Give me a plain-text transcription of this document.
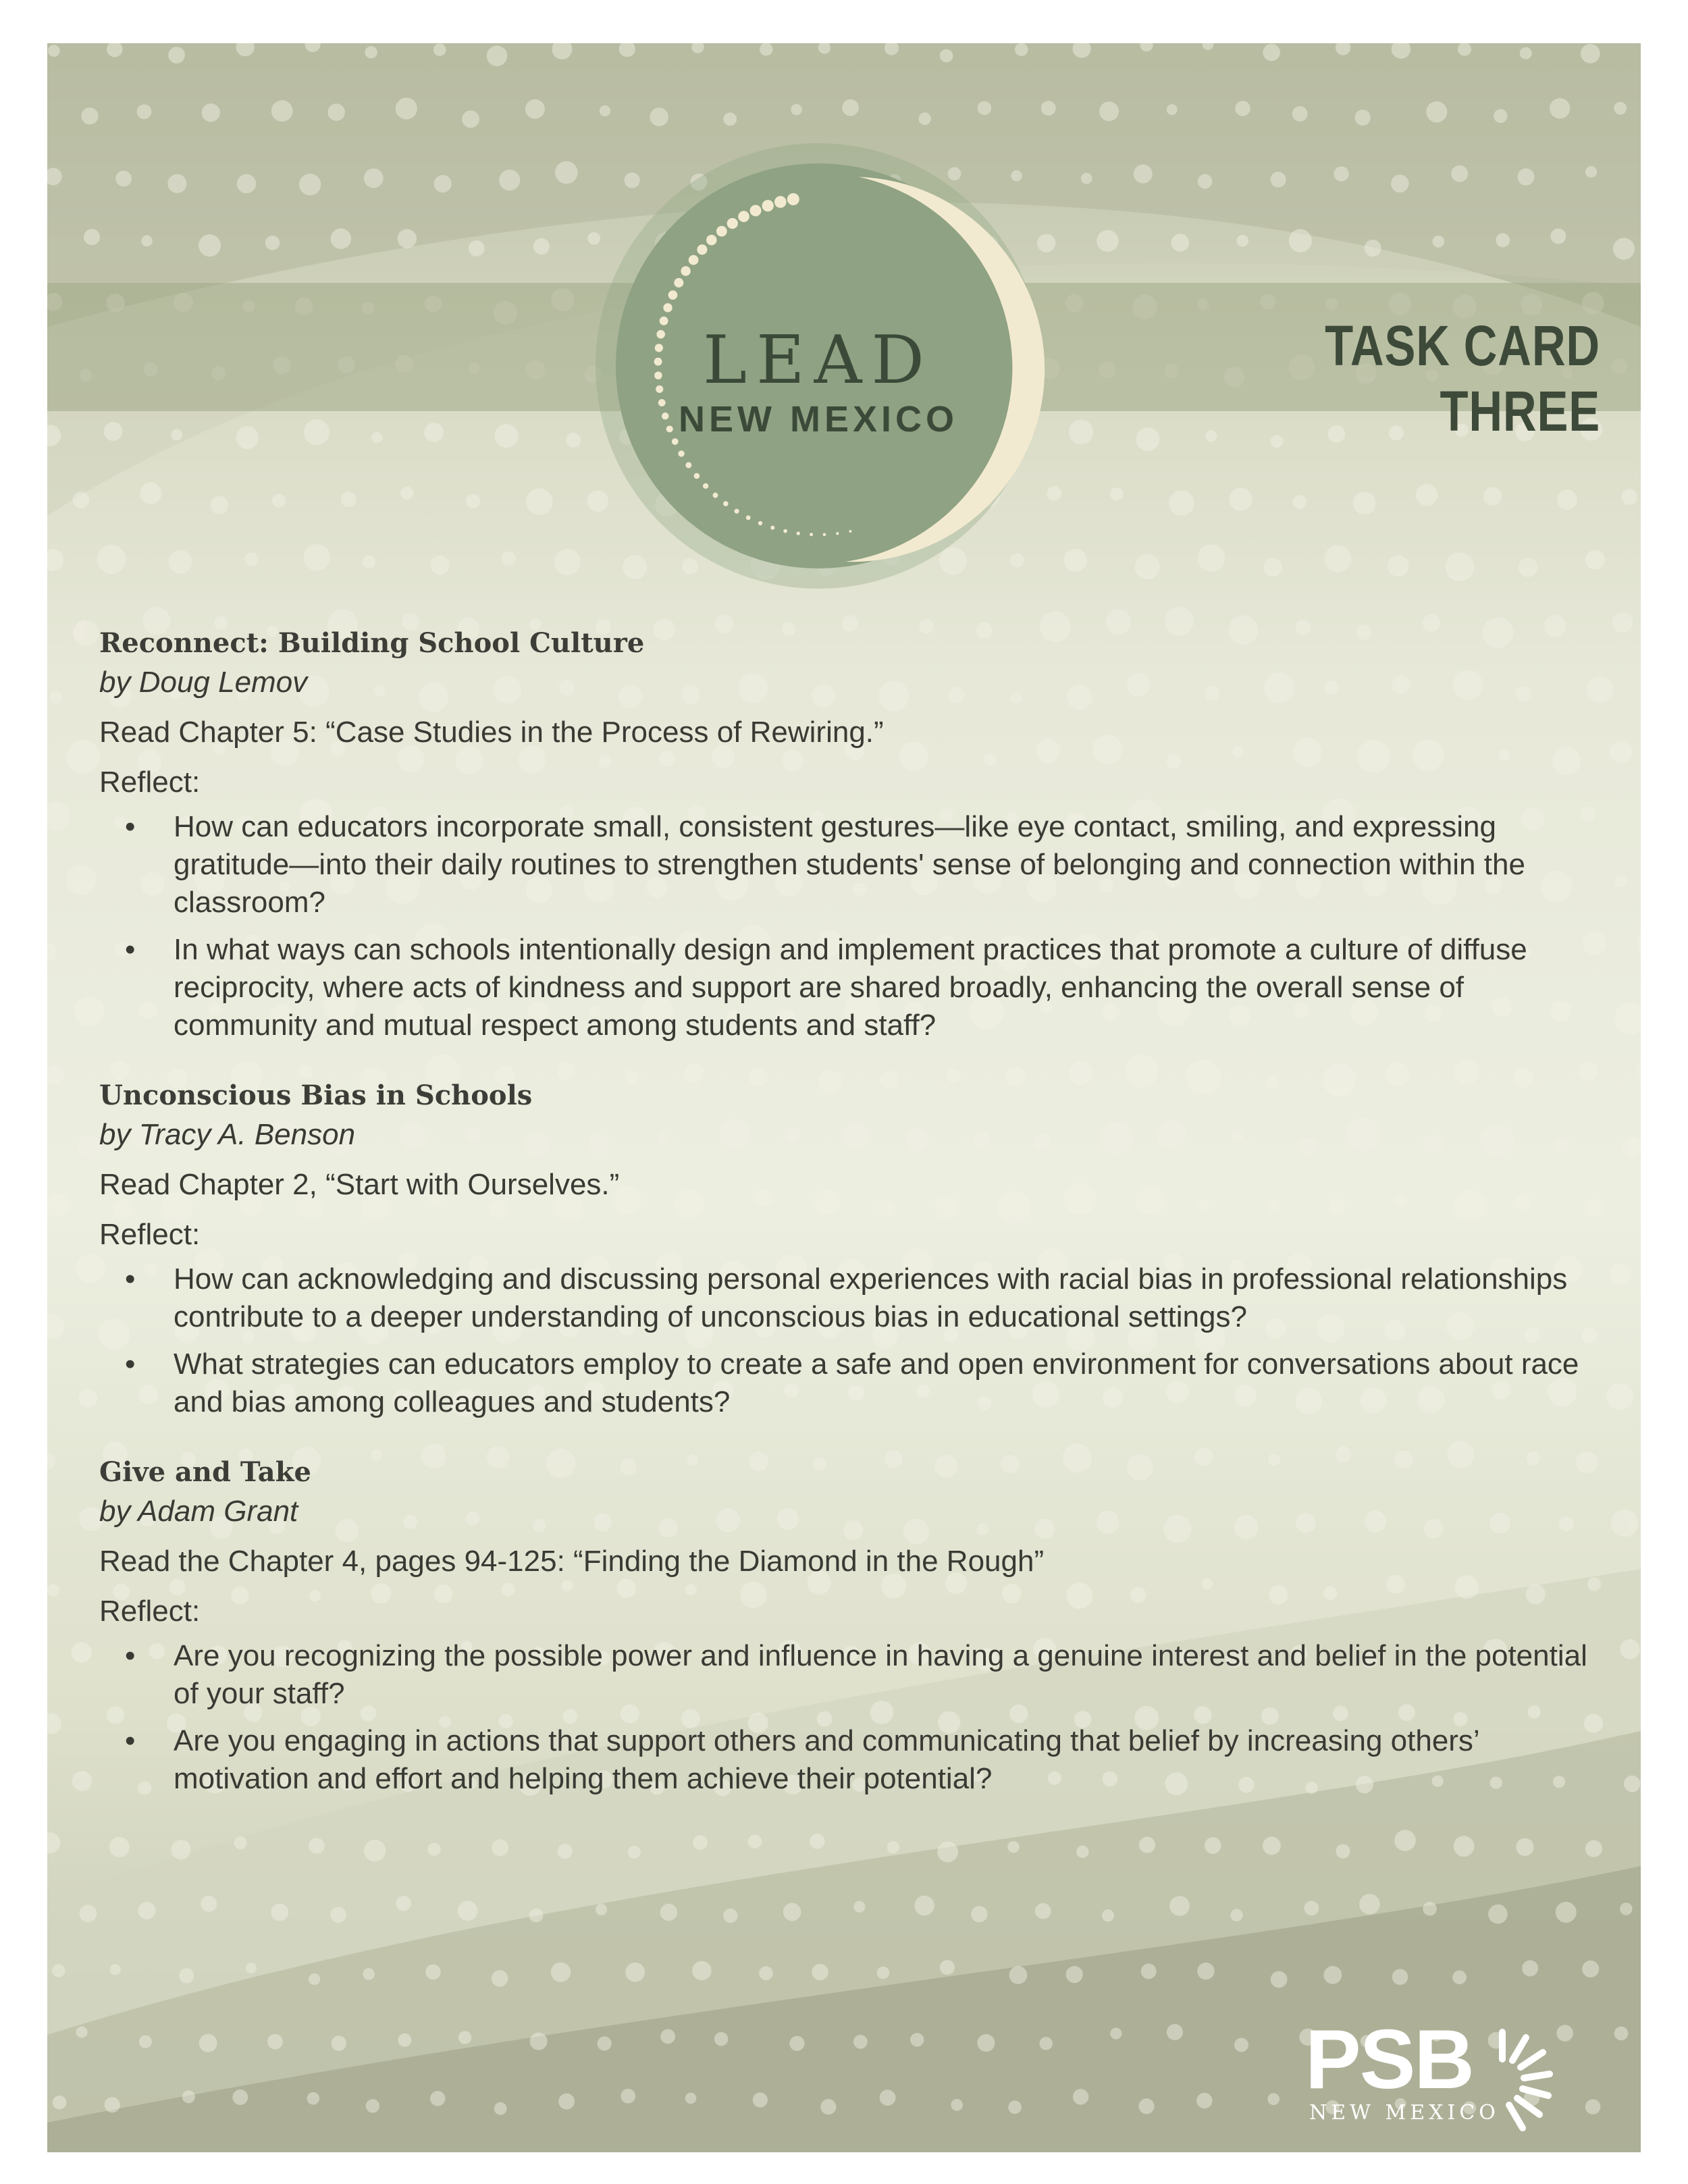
LEAD
NEW MEXICO
TASK CARD THREE

Reconnect: Building School Culture

by Doug Lemov

Read Chapter 5: “Case Studies in the Process of Rewiring.”

Reflect:

•	How can educators incorporate small, consistent gestures—like eye contact, smiling, and expressing gratitude—into their daily routines to strengthen students' sense of belonging and connection within the classroom?
•	In what ways can schools intentionally design and implement practices that promote a culture of diffuse reciprocity, where acts of kindness and support are shared broadly, enhancing the overall sense of community and mutual respect among students and staff?

Unconscious Bias in Schools

by Tracy A. Benson

Read Chapter 2, “Start with Ourselves.”

Reflect:

•	How can acknowledging and discussing personal experiences with racial bias in professional relationships contribute to a deeper understanding of unconscious bias in educational settings?
•	What strategies can educators employ to create a safe and open environment for conversations about race and bias among colleagues and students?

Give and Take

by Adam Grant

Read the Chapter 4, pages 94-125: “Finding the Diamond in the Rough”

Reflect:

•	Are you recognizing the possible power and influence in having a genuine interest and belief in the potential of your staff?
•	Are you engaging in actions that support others and communicating that belief by increasing others’ motivation and effort and helping them achieve their potential?
PSB
NEW MEXICO
